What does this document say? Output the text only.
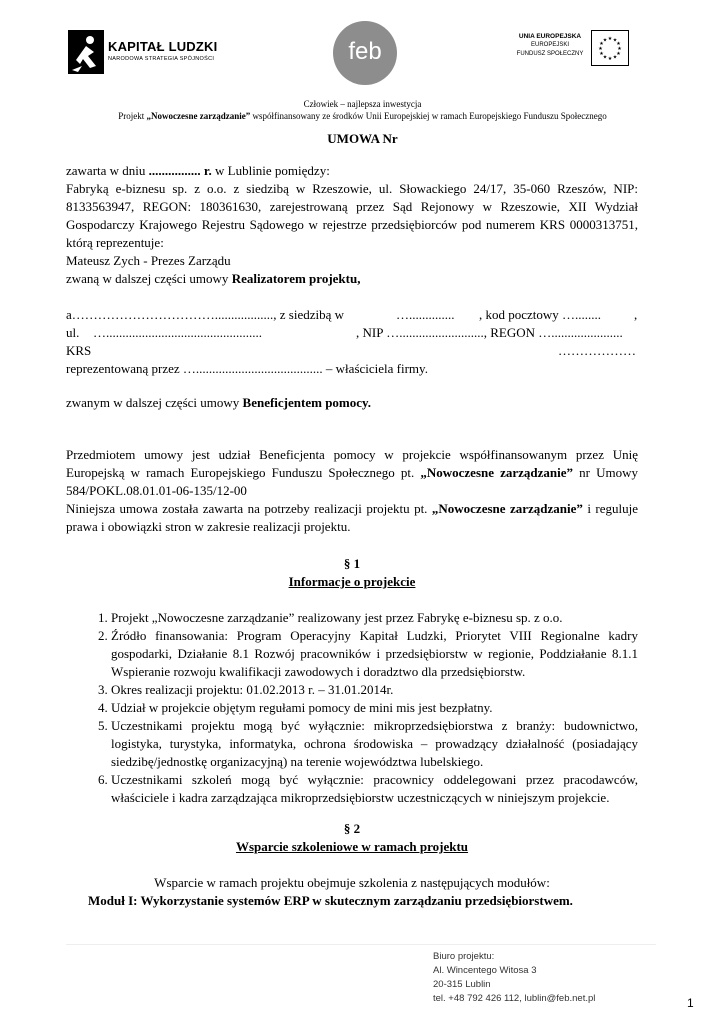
KAPITAŁ LUDZKI
NARODOWA STRATEGIA SPÓJNOŚCI	feb
UNIA EUROPEJSKA
EUROPEJSKI
FUNDUSZ SPOŁECZNY
★ ★
★
★
★
★
★
★
★
★
★
★
Człowiek – najlepsza inwestycja
Projekt „Nowoczesne zarządzanie” współfinansowany ze środków Unii Europejskiej w ramach Europejskiego Funduszu Społecznego
UMOWA Nr

zawarta w dniu ................ r. w Lublinie pomiędzy:

Fabryką e-biznesu sp. z o.o. z siedzibą w Rzeszowie, ul. Słowackiego 24/17, 35-060 Rzeszów, NIP: 8133563947, REGON: 180361630, zarejestrowaną przez Sąd Rejonowy w Rzeszowie, XII Wydział Gospodarczy Krajowego Rejestru Sądowego w rejestrze przedsiębiorców pod numerem KRS 0000313751, którą reprezentuje:

Mateusz Zych - Prezes Zarządu

zwaną w dalszej części umowy Realizatorem projektu,

a…………………………….................., z siedzibą w	….............. , kod pocztowy …........	,
ul. …................................................	, NIP ….........................., REGON …......................
KRS	………………

reprezentowaną przez …....................................... – właściciela firmy.

zwanym w dalszej części umowy Beneficjentem pomocy.

Przedmiotem umowy jest udział Beneficjenta pomocy w projekcie współfinansowanym przez Unię Europejską w ramach Europejskiego Funduszu Społecznego pt. „Nowoczesne zarządzanie” nr Umowy 584/POKL.08.01.01-06-135/12-00

Niniejsza umowa została zawarta na potrzeby realizacji projektu pt. „Nowoczesne zarządzanie” i reguluje prawa i obowiązki stron w zakresie realizacji projektu.

§ 1

Informacje o projekcie

1. Projekt „Nowoczesne zarządzanie” realizowany jest przez Fabrykę e-biznesu sp. z o.o.
2. Źródło finansowania: Program Operacyjny Kapitał Ludzki, Priorytet VIII Regionalne kadry gospodarki, Działanie 8.1 Rozwój pracowników i przedsiębiorstw w regionie, Poddziałanie 8.1.1 Wspieranie rozwoju kwalifikacji zawodowych i doradztwo dla przedsiębiorstw.
3. Okres realizacji projektu: 01.02.2013 r. – 31.01.2014r.
4. Udział w projekcie objętym regułami pomocy de mini mis jest bezpłatny.
5. Uczestnikami projektu mogą być wyłącznie: mikroprzedsiębiorstwa z branży: budownictwo, logistyka, turystyka, informatyka, ochrona środowiska – prowadzący działalność (posiadający siedzibę/jednostkę organizacyjną) na terenie województwa lubelskiego.
6. Uczestnikami szkoleń mogą być wyłącznie: pracownicy oddelegowani przez pracodawców, właściciele i kadra zarządzająca mikroprzedsiębiorstw uczestniczących w niniejszym projekcie.

§ 2

Wsparcie szkoleniowe w ramach projektu

Wsparcie w ramach projektu obejmuje szkolenia z następujących modułów:

Moduł I: Wykorzystanie systemów ERP w skutecznym zarządzaniu przedsiębiorstwem.

Biuro projektu:
Al. Wincentego Witosa 3
20-315 Lublin
tel. +48 792 426 112, lublin@feb.net.pl	1
